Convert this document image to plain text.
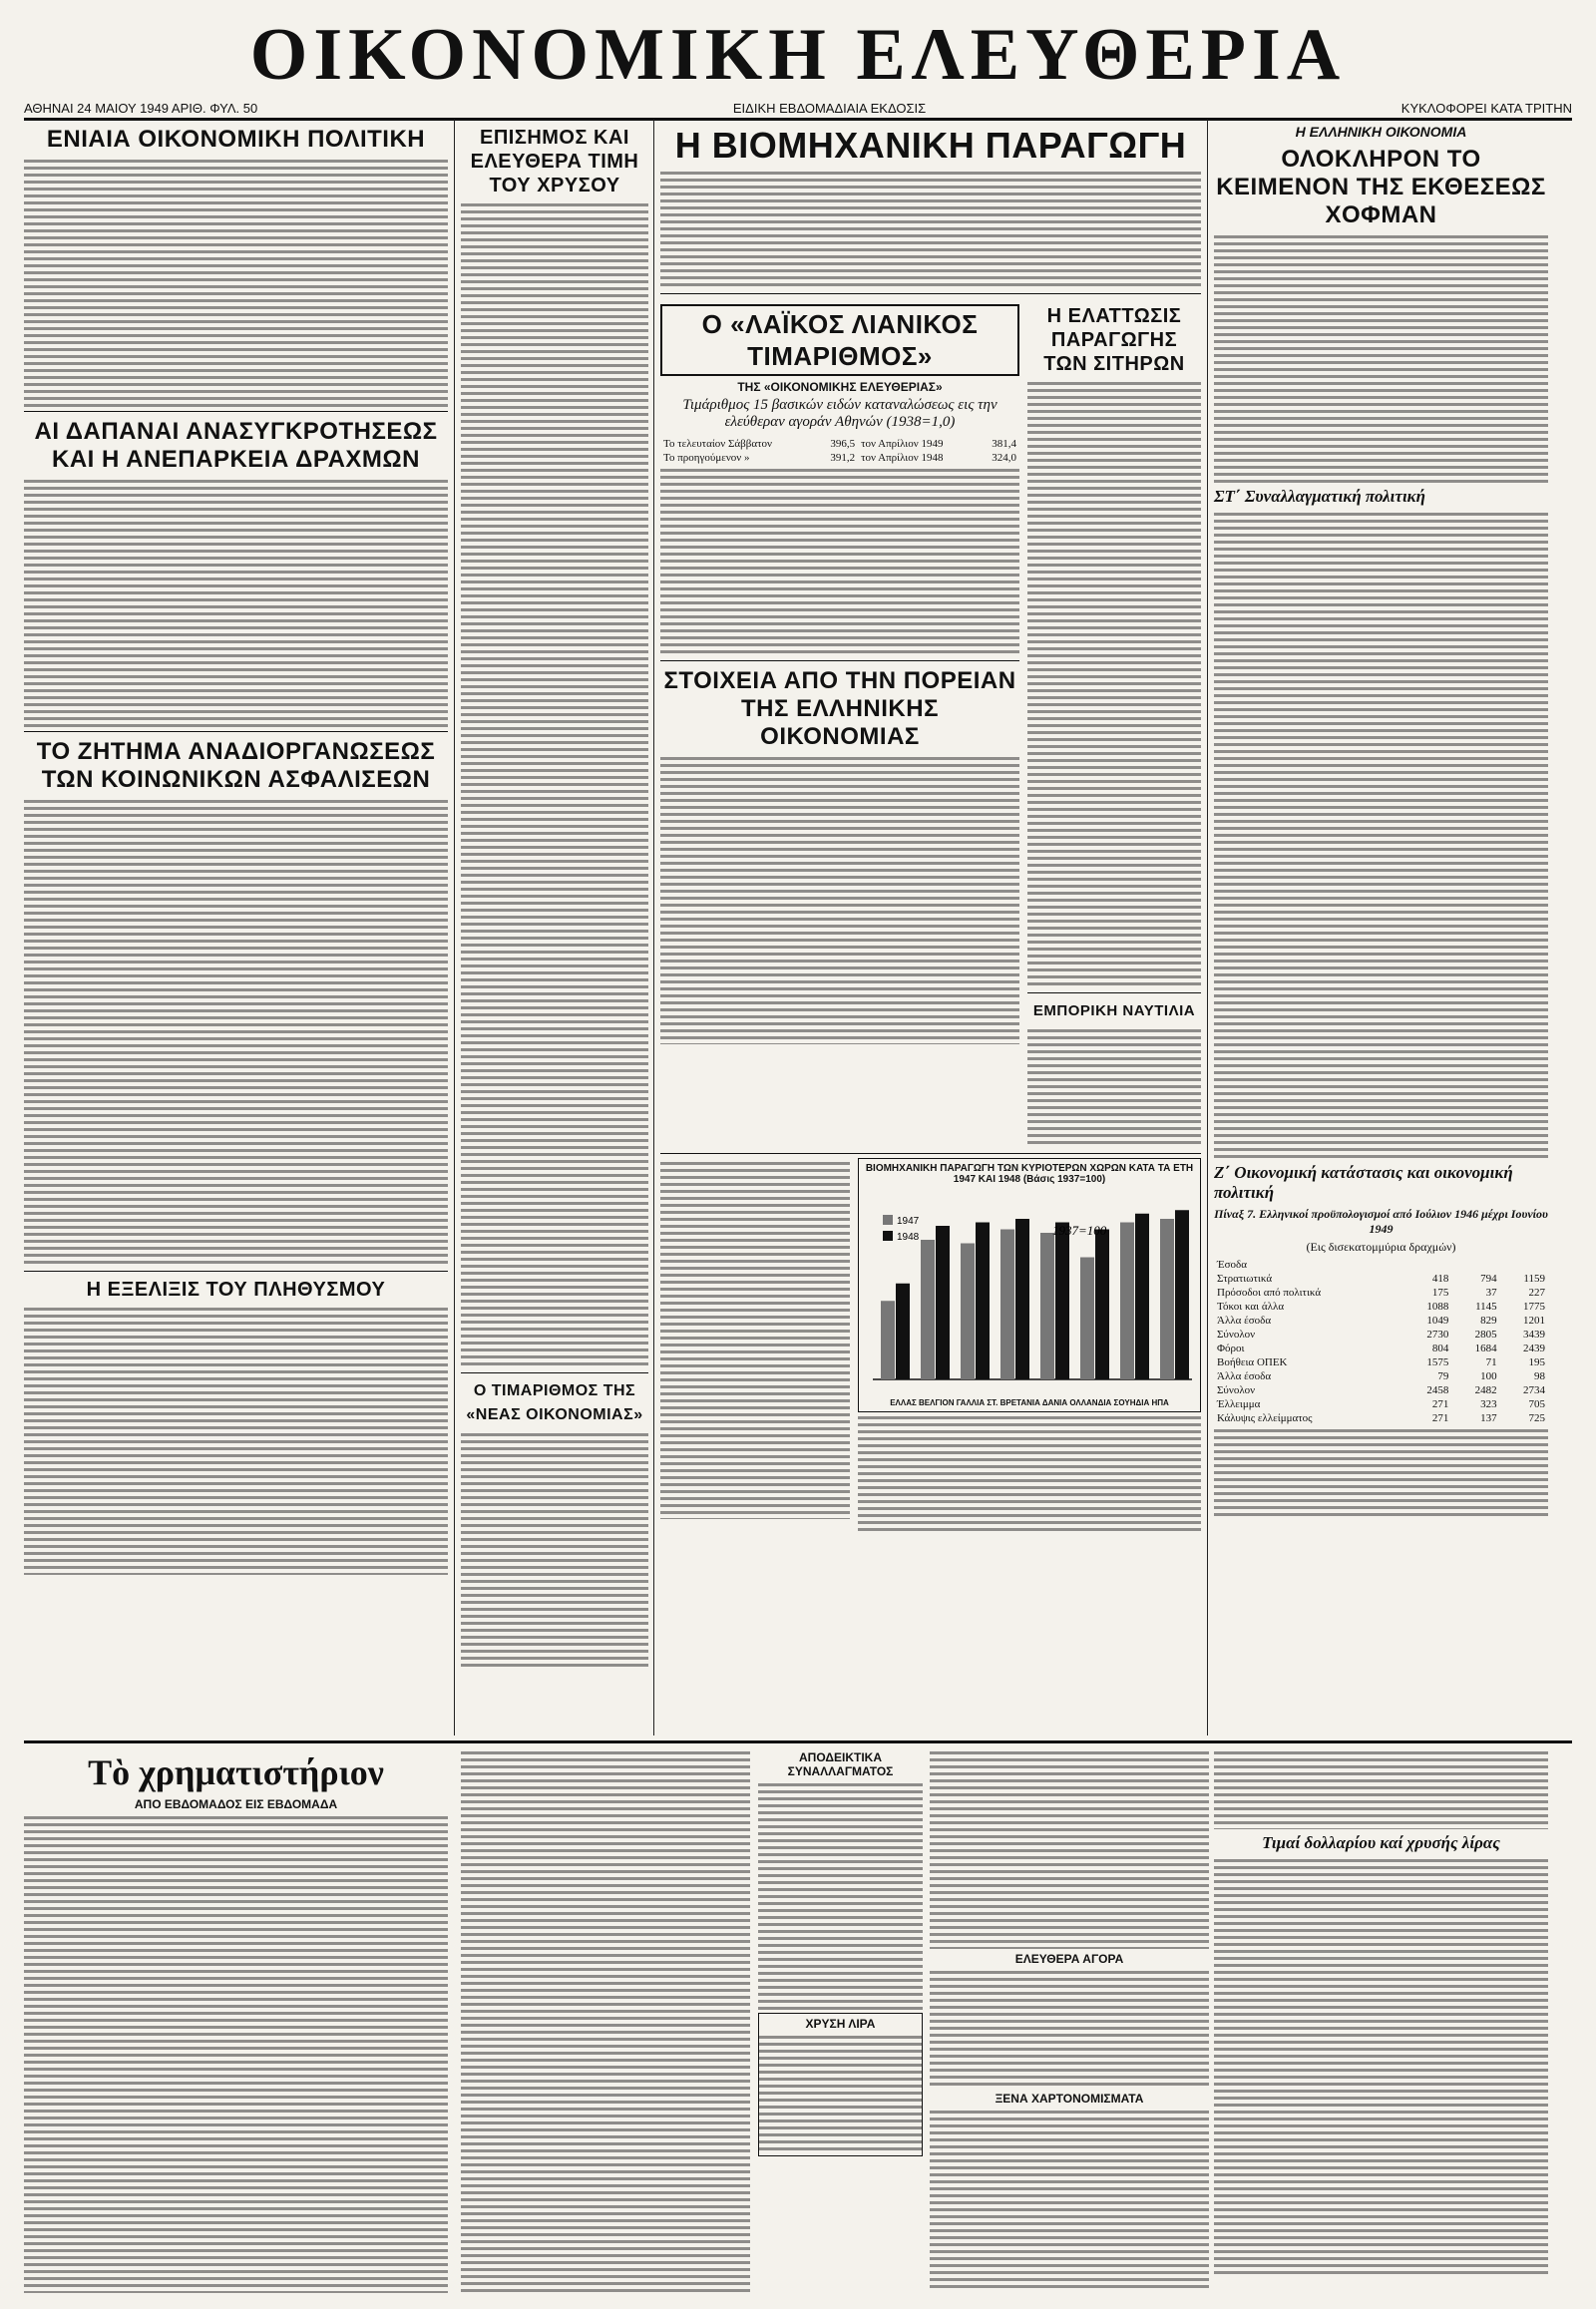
ΟΙΚΟΝΟΜΙΚΗ ΕΛΕΥΘΕΡΙΑ
ΑΘΗΝΑΙ 24 ΜΑΙΟΥ 1949 ΑΡΙΘ. ΦΥΛ. 50	ΕΙΔΙΚΗ ΕΒΔΟΜΑΔΙΑΙΑ ΕΚΔΟΣΙΣ	ΚΥΚΛΟΦΟΡΕΙ ΚΑΤΑ ΤΡΙΤΗΝ
ΕΝΙΑΙΑ ΟΙΚΟΝΟΜΙΚΗ ΠΟΛΙΤΙΚΗ
ΑΙ ΔΑΠΑΝΑΙ ΑΝΑΣΥΓΚΡΟΤΗΣΕΩΣ ΚΑΙ Η ΑΝΕΠΑΡΚΕΙΑ ΔΡΑΧΜΩΝ
ΤΟ ΖΗΤΗΜΑ ΑΝΑΔΙΟΡΓΑΝΩΣΕΩΣ ΤΩΝ ΚΟΙΝΩΝΙΚΩΝ ΑΣΦΑΛΙΣΕΩΝ
Η ΕΞΕΛΙΞΙΣ ΤΟΥ ΠΛΗΘΥΣΜΟΥ
ΕΠΙΣΗΜΟΣ ΚΑΙ ΕΛΕΥΘΕΡΑ ΤΙΜΗ ΤΟΥ ΧΡΥΣΟΥ
Ο ΤΙΜΑΡΙΘΜΟΣ ΤΗΣ «ΝΕΑΣ ΟΙΚΟΝΟΜΙΑΣ»
Η ΒΙΟΜΗΧΑΝΙΚΗ ΠΑΡΑΓΩΓΗ
Ο «ΛΑΪΚΟΣ ΛΙΑΝΙΚΟΣ ΤΙΜΑΡΙΘΜΟΣ»
ΤΗΣ «ΟΙΚΟΝΟΜΙΚΗΣ ΕΛΕΥΘΕΡΙΑΣ»
Τιμάριθμος 15 βασικών ειδών καταναλώσεως εις την ελεύθεραν αγοράν Αθηνών (1938=1,0)
Το τελευταίον Σάββατον	396,5	τον Απρίλιον 1949	381,4
Το προηγούμενον »	391,2	τον Απρίλιον 1948	324,0
ΣΤΟΙΧΕΙΑ ΑΠΟ ΤΗΝ ΠΟΡΕΙΑΝ ΤΗΣ ΕΛΛΗΝΙΚΗΣ ΟΙΚΟΝΟΜΙΑΣ
Η ΕΛΑΤΤΩΣΙΣ ΠΑΡΑΓΩΓΗΣ ΤΩΝ ΣΙΤΗΡΩΝ
ΕΜΠΟΡΙΚΗ ΝΑΥΤΙΛΙΑ
ΒΙΟΜΗΧΑΝΙΚΗ ΠΑΡΑΓΩΓΗ ΤΩΝ ΚΥΡΙΟΤΕΡΩΝ ΧΩΡΩΝ ΚΑΤΑ ΤΑ ΕΤΗ 1947 ΚΑΙ 1948 (Βάσις 1937=100)
1947
1948	1937=100
ΕΛΛΑΣ ΒΕΛΓΙΟΝ ΓΑΛΛΙΑ ΣΤ. ΒΡΕΤΑΝΙΑ ΔΑΝΙΑ ΟΛΛΑΝΔΙΑ ΣΟΥΗΔΙΑ ΗΠΑ
Η ΕΛΛΗΝΙΚΗ ΟΙΚΟΝΟΜΙΑ
ΟΛΟΚΛΗΡΟΝ ΤΟ ΚΕΙΜΕΝΟΝ ΤΗΣ ΕΚΘΕΣΕΩΣ ΧΟΦΜΑΝ
ΣΤ΄ Συναλλαγματική πολιτική
Ζ΄ Οικονομική κατάστασις και οικονομική πολιτική
Πίναξ 7. Ελληνικοί προϋπολογισμοί από Ιούλιον 1946 μέχρι Ιουνίου 1949
(Εις δισεκατομμύρια δραχμών)
Έσοδα			
Στρατιωτικά	418	794	1159
Πρόσοδοι από πολιτικά	175	37	227
Τόκοι και άλλα	1088	1145	1775
Άλλα έσοδα	1049	829	1201
Σύνολον	2730	2805	3439
Φόροι	804	1684	2439
Βοήθεια ΟΠΕΚ	1575	71	195
Άλλα έσοδα	79	100	98
Σύνολον	2458	2482	2734
Έλλειμμα	271	323	705
Κάλυψις ελλείμματος	271	137	725
Τὸ χρηματιστήριον
ΑΠΟ ΕΒΔΟΜΑΔΟΣ ΕΙΣ ΕΒΔΟΜΑΔΑ
ΑΠΟΔΕΙΚΤΙΚΑ ΣΥΝΑΛΛΑΓΜΑΤΟΣ
ΧΡΥΣΗ ΛΙΡΑ
ΕΛΕΥΘΕΡΑ ΑΓΟΡΑ
ΞΕΝΑ ΧΑΡΤΟΝΟΜΙΣΜΑΤΑ
Τιμαί δολλαρίου καί χρυσής λίρας
